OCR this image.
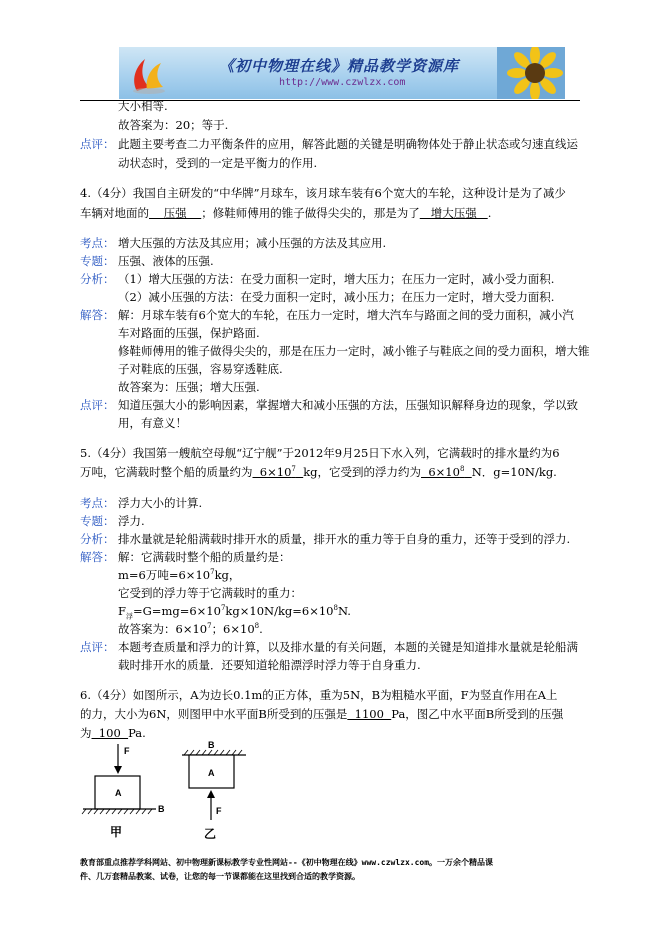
《初中物理在线》精品教学资源库
http://www.czwlzx.com
大小相等.
故答案为：20；等于.
点评： 此题主要考查二力平衡条件的应用，解答此题的关键是明确物体处于静止状态或匀速直线运
动状态时，受到的一定是平衡力的作用.
4.（4分）我国自主研发的“中华牌”月球车，该月球车装有6个宽大的车轮，这种设计是为了减少
车辆对地面的    压强    ；修鞋师傅用的锥子做得尖尖的，那是为了   增大压强   .
考点： 增大压强的方法及其应用；减小压强的方法及其应用.
专题： 压强、液体的压强.
分析： （1）增大压强的方法：在受力面积一定时，增大压力；在压力一定时，减小受力面积.
（2）减小压强的方法：在受力面积一定时，减小压力；在压力一定时，增大受力面积.
解答： 解：月球车装有6个宽大的车轮，在压力一定时，增大汽车与路面之间的受力面积，减小汽
车对路面的压强，保护路面.
修鞋师傅用的锥子做得尖尖的，那是在压力一定时，减小锥子与鞋底之间的受力面积，增大锥
子对鞋底的压强，容易穿透鞋底.
故答案为：压强；增大压强.
点评： 知道压强大小的影响因素，掌握增大和减小压强的方法，压强知识解释身边的现象，学以致
用，有意义！
5.（4分）我国第一艘航空母舰“辽宁舰”于2012年9月25日下水入列，它满载时的排水量约为6
万吨，它满载时整个船的质量约为  $6\times 10^7$ kg，它受到的浮力约为  $6\times 10^8$ N．g=10N/kg.
考点： 浮力大小的计算.
专题： 浮力.
分析： 排水量就是轮船满载时排开水的质量，排开水的重力等于自身的重力，还等于受到的浮力.
解答： 解：它满载时整个船的质量约是：
m=6万吨$=6\times 10^7kg$，
它受到的浮力等于它满载时的重力：
$F_浮=G=mg=6\times 10^7kg\times 10N/kg=6\times 10^8N$.
故答案为：$6\times 10^7$；$6\times 10^8$.
点评： 本题考查质量和浮力的计算，以及排水量的有关问题，本题的关键是知道排水量就是轮船满
载时排开水的质量．还要知道轮船漂浮时浮力等于自身重力.
6.（4分）如图所示，A为边长0.1m的正方体，重为5N，B为粗糙水平面，F为竖直作用在A上
的力，大小为6N，则图甲中水平面B所受到的压强是  1100  Pa，图乙中水平面B所受到的压强
为  100  Pa.
F
A
B
甲
B
A
F
乙
教育部重点推荐学科网站、初中物理新课标教学专业性网站--《初中物理在线》www.czwlzx.com。一万余个精品课
件、几万套精品教案、试卷，让您的每一节课都能在这里找到合适的教学资源。
